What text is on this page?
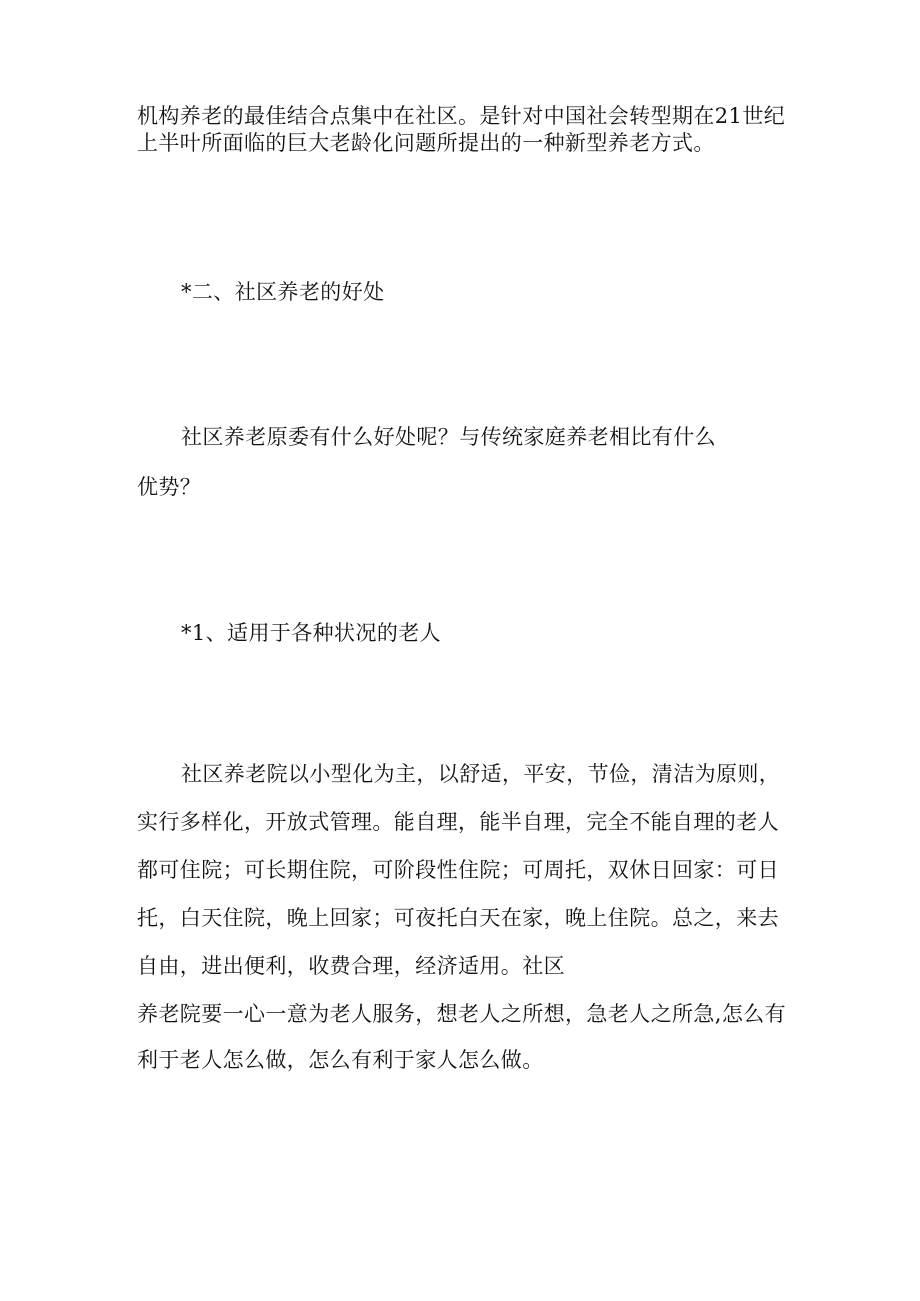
机构养老的最佳结合点集中在社区。是针对中国社会转型期在21世纪
上半叶所面临的巨大老龄化问题所提出的一种新型养老方式。
*二、社区养老的好处
社区养老原委有什么好处呢？与传统家庭养老相比有什么
优势？
*1、适用于各种状况的老人
社区养老院以小型化为主，以舒适，平安，节俭，清洁为原则，
实行多样化，开放式管理。能自理，能半自理，完全不能自理的老人
都可住院；可长期住院，可阶段性住院；可周托，双休日回家：可日
托，白天住院，晚上回家；可夜托白天在家，晚上住院。总之，来去
自由，进出便利，收费合理，经济适用。社区
养老院要一心一意为老人服务，想老人之所想，急老人之所急,怎么有
利于老人怎么做，怎么有利于家人怎么做。
